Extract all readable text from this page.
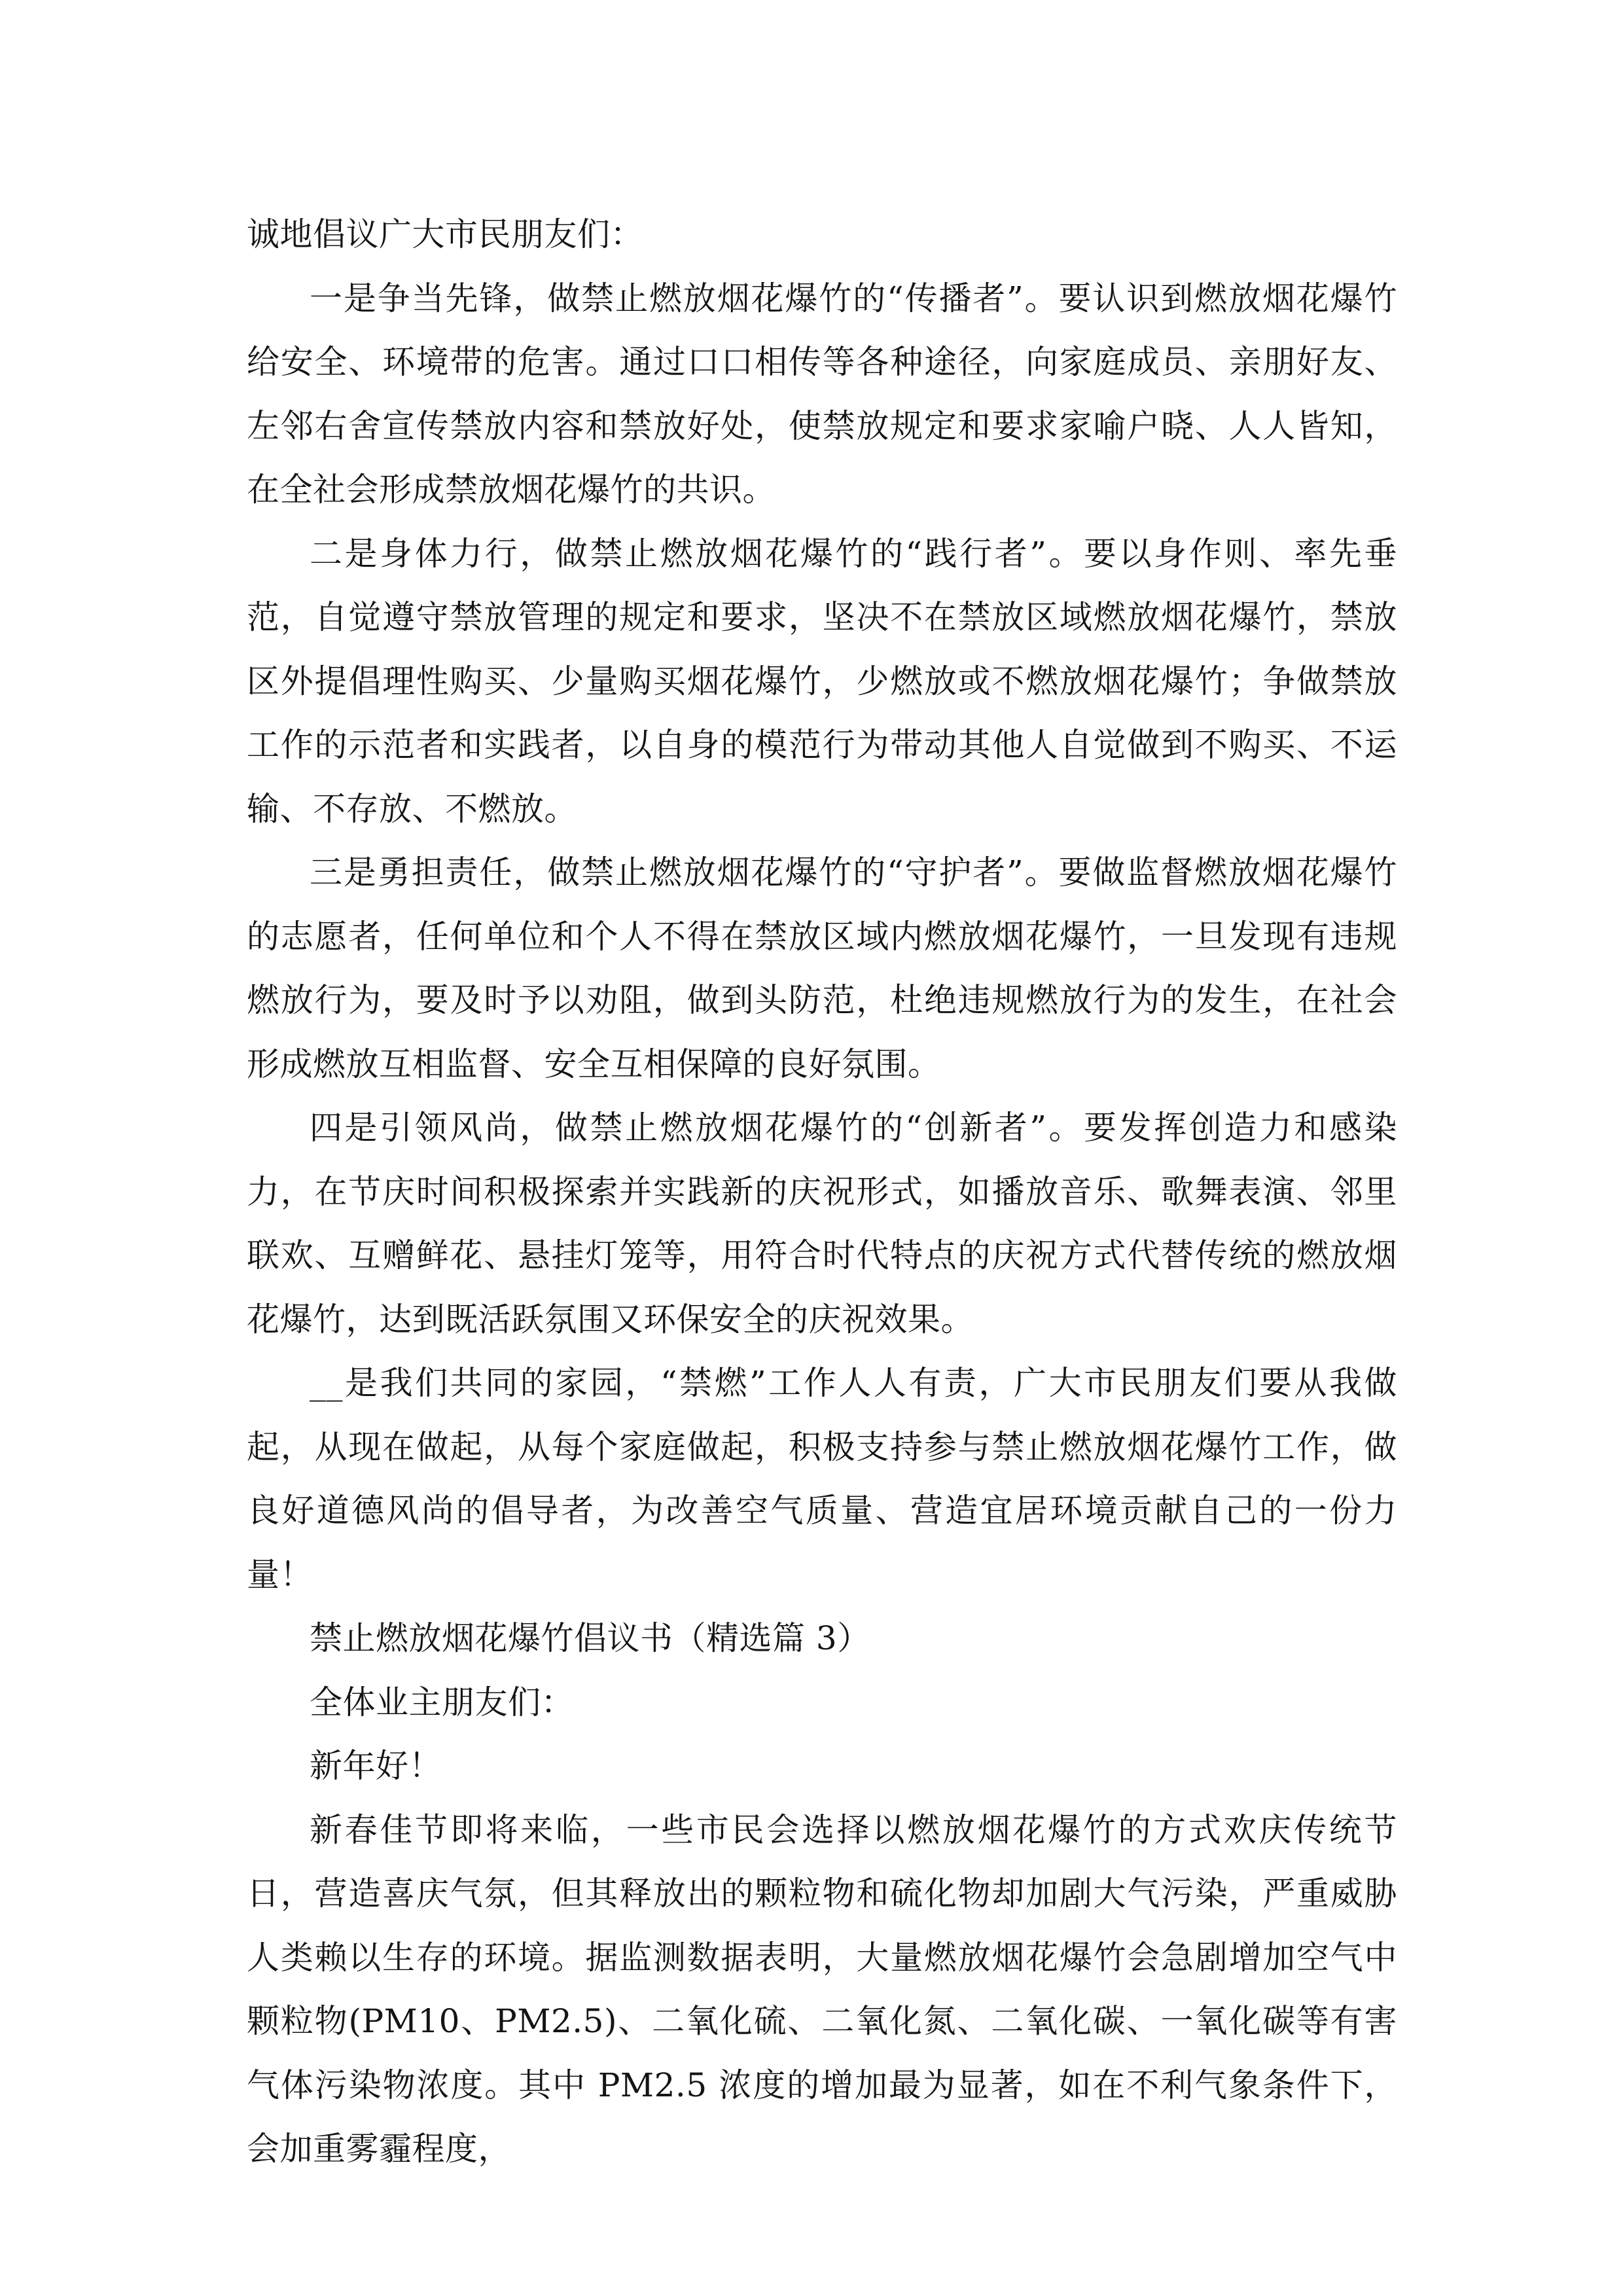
诚地倡议广大市民朋友们：

一是争当先锋，做禁止燃放烟花爆竹的“传播者”。要认识到燃放烟花爆竹给安全、环境带的危害。通过口口相传等各种途径，向家庭成员、亲朋好友、左邻右舍宣传禁放内容和禁放好处，使禁放规定和要求家喻户晓、人人皆知，在全社会形成禁放烟花爆竹的共识。

二是身体力行，做禁止燃放烟花爆竹的“践行者”。要以身作则、率先垂范，自觉遵守禁放管理的规定和要求，坚决不在禁放区域燃放烟花爆竹，禁放区外提倡理性购买、少量购买烟花爆竹，少燃放或不燃放烟花爆竹；争做禁放工作的示范者和实践者，以自身的模范行为带动其他人自觉做到不购买、不运输、不存放、不燃放。

三是勇担责任，做禁止燃放烟花爆竹的“守护者”。要做监督燃放烟花爆竹的志愿者，任何单位和个人不得在禁放区域内燃放烟花爆竹，一旦发现有违规燃放行为，要及时予以劝阻，做到头防范，杜绝违规燃放行为的发生，在社会形成燃放互相监督、安全互相保障的良好氛围。

四是引领风尚，做禁止燃放烟花爆竹的“创新者”。要发挥创造力和感染力，在节庆时间积极探索并实践新的庆祝形式，如播放音乐、歌舞表演、邻里联欢、互赠鲜花、悬挂灯笼等，用符合时代特点的庆祝方式代替传统的燃放烟花爆竹，达到既活跃氛围又环保安全的庆祝效果。

__是我们共同的家园，“禁燃”工作人人有责，广大市民朋友们要从我做起，从现在做起，从每个家庭做起，积极支持参与禁止燃放烟花爆竹工作，做良好道德风尚的倡导者，为改善空气质量、营造宜居环境贡献自己的一份力量！

禁止燃放烟花爆竹倡议书（精选篇 3）

全体业主朋友们：

新年好！

新春佳节即将来临，一些市民会选择以燃放烟花爆竹的方式欢庆传统节日，营造喜庆气氛，但其释放出的颗粒物和硫化物却加剧大气污染，严重威胁人类赖以生存的环境。据监测数据表明，大量燃放烟花爆竹会急剧增加空气中颗粒物(PM10、PM2.5)、二氧化硫、二氧化氮、二氧化碳、一氧化碳等有害气体污染物浓度。其中 PM2.5 浓度的增加最为显著，如在不利气象条件下，会加重雾霾程度，
